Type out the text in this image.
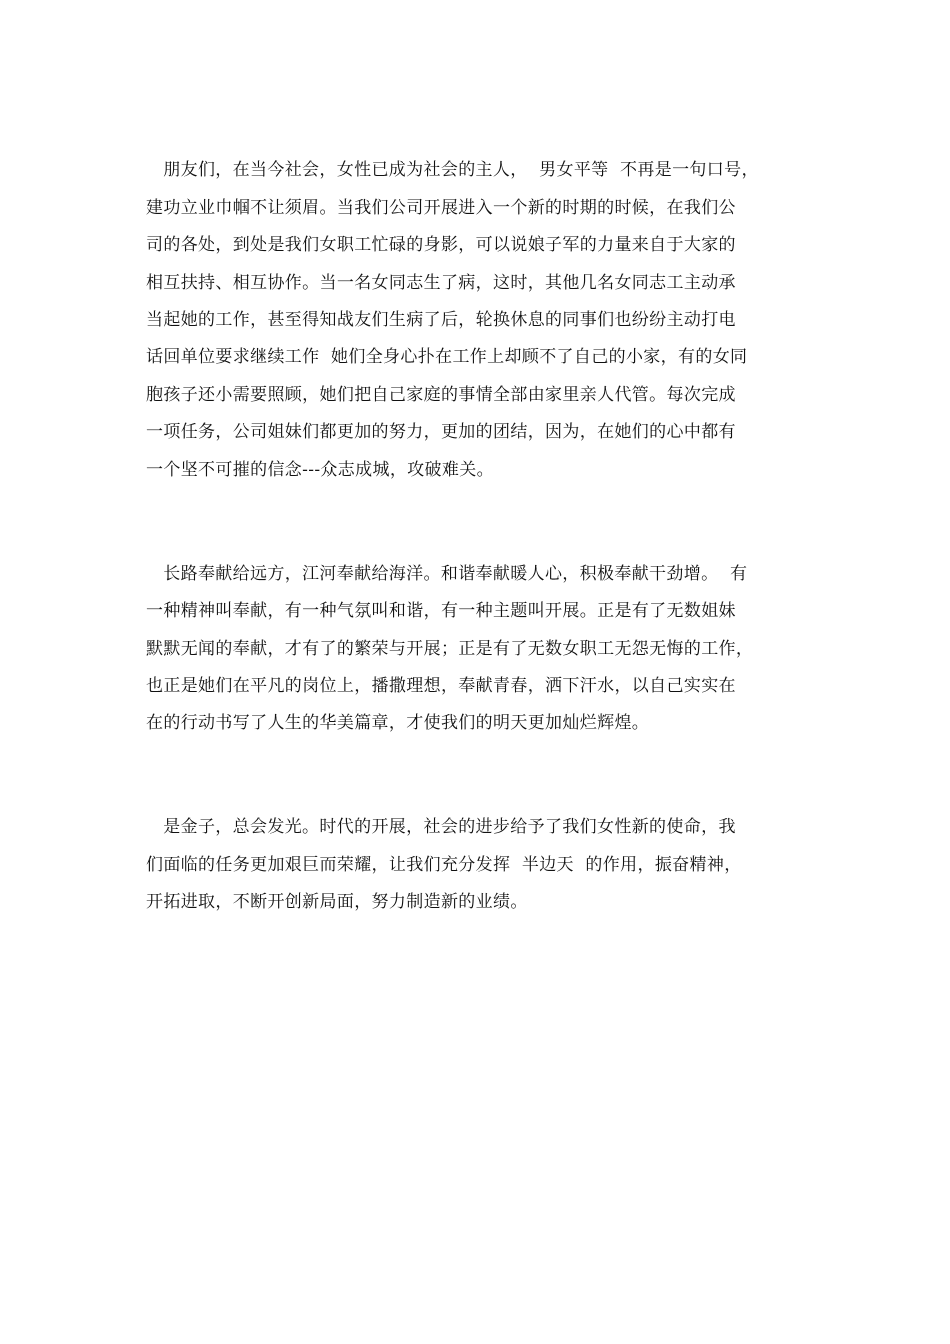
朋友们，在当今社会，女性已成为社会的主人，  男女平等  不再是一句口号，
建功立业巾帼不让须眉。当我们公司开展进入一个新的时期的时候，在我们公
司的各处，到处是我们女职工忙碌的身影，可以说娘子军的力量来自于大家的
相互扶持、相互协作。当一名女同志生了病，这时，其他几名女同志工主动承
当起她的工作，甚至得知战友们生病了后，轮换休息的同事们也纷纷主动打电
话回单位要求继续工作  她们全身心扑在工作上却顾不了自己的小家，有的女同
胞孩子还小需要照顾，她们把自己家庭的事情全部由家里亲人代管。每次完成
一项任务，公司姐妹们都更加的努力，更加的团结，因为，在她们的心中都有
一个坚不可摧的信念---众志成城，攻破难关。
长路奉献给远方，江河奉献给海洋。和谐奉献暖人心，积极奉献干劲增。  有
一种精神叫奉献，有一种气氛叫和谐，有一种主题叫开展。正是有了无数姐妹
默默无闻的奉献，才有了的繁荣与开展；正是有了无数女职工无怨无悔的工作，
也正是她们在平凡的岗位上，播撒理想，奉献青春，洒下汗水，以自己实实在
在的行动书写了人生的华美篇章，才使我们的明天更加灿烂辉煌。
是金子，总会发光。时代的开展，社会的进步给予了我们女性新的使命，我
们面临的任务更加艰巨而荣耀，让我们充分发挥  半边天  的作用，振奋精神，
开拓进取，不断开创新局面，努力制造新的业绩。
